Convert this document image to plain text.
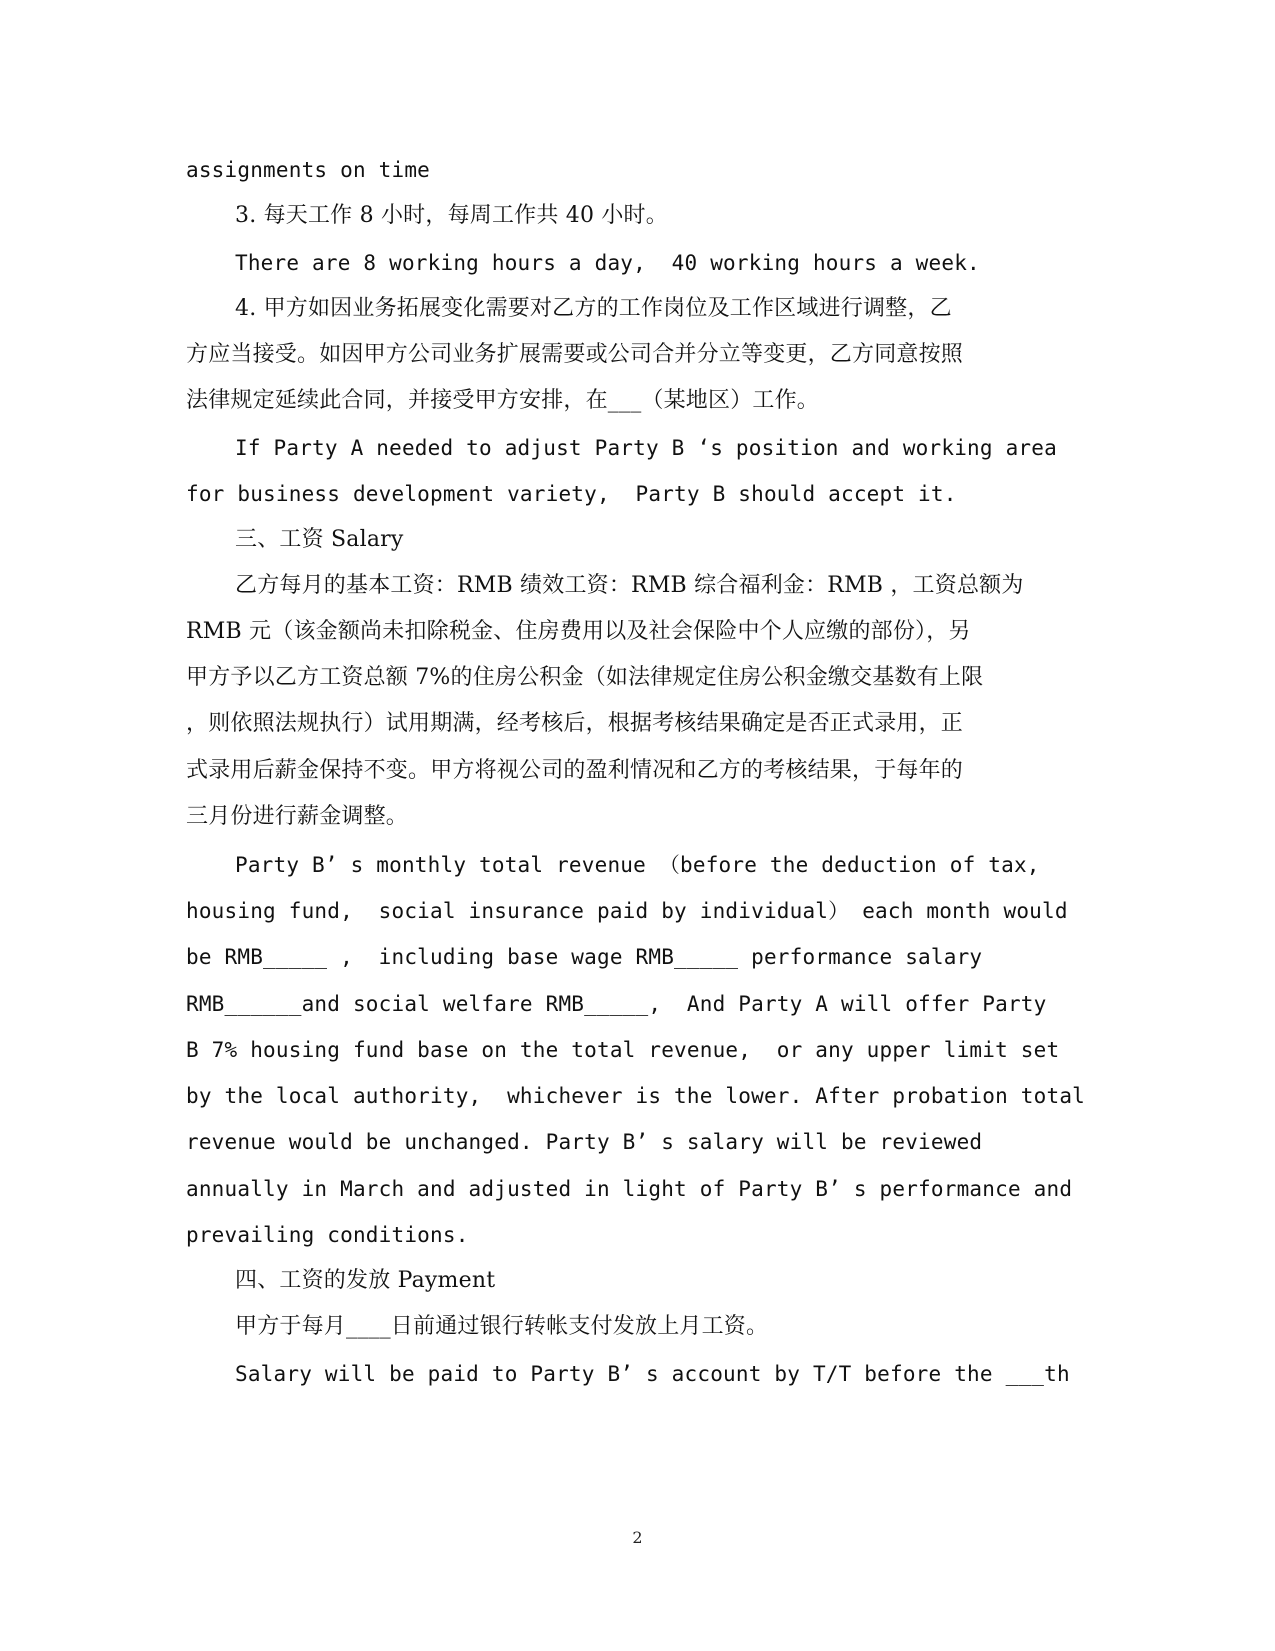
assignments on time
3. 每天工作 8 小时，每周工作共 40 小时。
There are 8 working hours a day,  40 working hours a week.
4. 甲方如因业务拓展变化需要对乙方的工作岗位及工作区域进行调整，乙
方应当接受。如因甲方公司业务扩展需要或公司合并分立等变更，乙方同意按照
法律规定延续此合同，并接受甲方安排，在___（某地区）工作。
If Party A needed to adjust Party B ‘s position and working area
for business development variety,  Party B should accept it.
三、工资 Salary
乙方每月的基本工资：RMB 绩效工资：RMB 综合福利金：RMB ，工资总额为
RMB 元（该金额尚未扣除税金、住房费用以及社会保险中个人应缴的部份），另
甲方予以乙方工资总额 7%的住房公积金（如法律规定住房公积金缴交基数有上限
，则依照法规执行）试用期满，经考核后，根据考核结果确定是否正式录用，正
式录用后薪金保持不变。甲方将视公司的盈利情况和乙方的考核结果，于每年的
三月份进行薪金调整。
Party B’ s monthly total revenue （before the deduction of tax,
housing fund,  social insurance paid by individual） each month would
be RMB_____ ,  including base wage RMB_____ performance salary
RMB______and social welfare RMB_____,  And Party A will offer Party
B 7% housing fund base on the total revenue,  or any upper limit set
by the local authority,  whichever is the lower. After probation total
revenue would be unchanged. Party B’ s salary will be reviewed
annually in March and adjusted in light of Party B’ s performance and
prevailing conditions.
四、工资的发放 Payment
甲方于每月____日前通过银行转帐支付发放上月工资。
Salary will be paid to Party B’ s account by T/T before the ___th
2
